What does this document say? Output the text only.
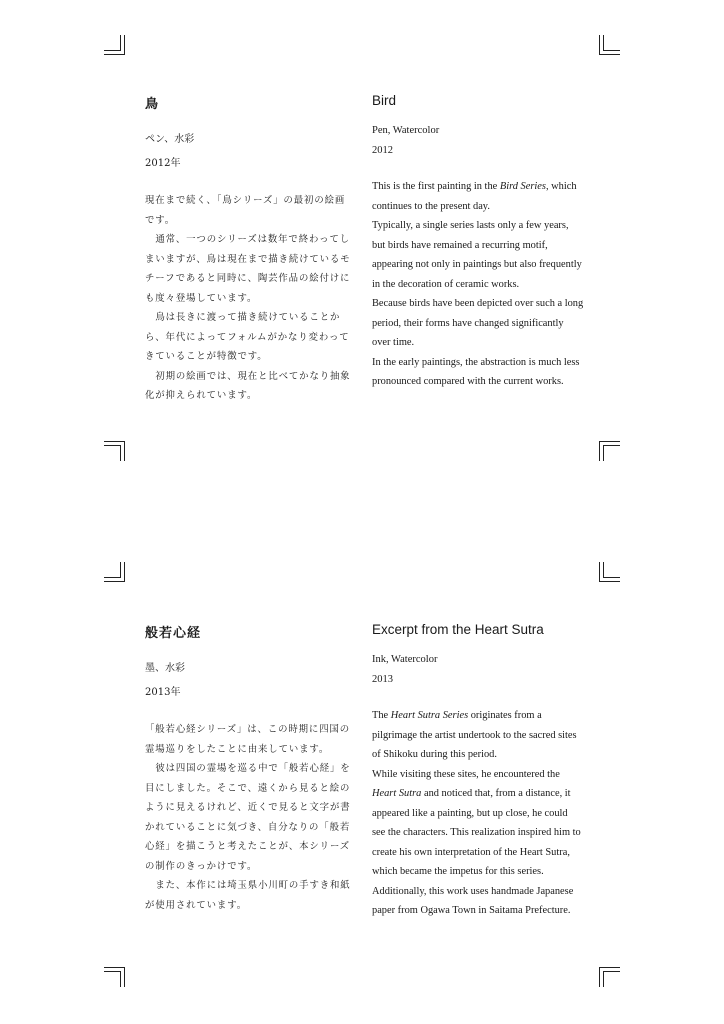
鳥
ペン、水彩
2012年

現在まで続く、「鳥シリーズ」の最初の絵画です。

通常、一つのシリーズは数年で終わってしまいますが、鳥は現在まで描き続けているモチーフであると同時に、陶芸作品の絵付けにも度々登場しています。

鳥は長きに渡って描き続けていることから、年代によってフォルムがかなり変わってきていることが特徴です。

初期の絵画では、現在と比べてかなり抽象化が抑えられています。

Bird
Pen, Watercolor
2012

This is the first painting in the Bird Series, which continues to the present day.

Typically, a single series lasts only a few years, but birds have remained a recurring motif, appearing not only in paintings but also frequently in the decoration of ceramic works.

Because birds have been depicted over such a long period, their forms have changed significantly over time.

In the early paintings, the abstraction is much less pronounced compared with the current works.

般若心経
墨、水彩
2013年

「般若心経シリーズ」は、この時期に四国の霊場巡りをしたことに由来しています。

彼は四国の霊場を巡る中で「般若心経」を目にしました。そこで、遠くから見ると絵のように見えるけれど、近くで見ると文字が書かれていることに気づき、自分なりの「般若心経」を描こうと考えたことが、本シリーズの制作のきっかけです。

また、本作には埼玉県小川町の手すき和紙が使用されています。

Excerpt from the Heart Sutra
Ink, Watercolor
2013

The Heart Sutra Series originates from a pilgrimage the artist undertook to the sacred sites of Shikoku during this period.

While visiting these sites, he encountered the Heart Sutra and noticed that, from a distance, it appeared like a painting, but up close, he could see the characters. This realization inspired him to create his own interpretation of the Heart Sutra, which became the impetus for this series.

Additionally, this work uses handmade Japanese paper from Ogawa Town in Saitama Prefecture.
